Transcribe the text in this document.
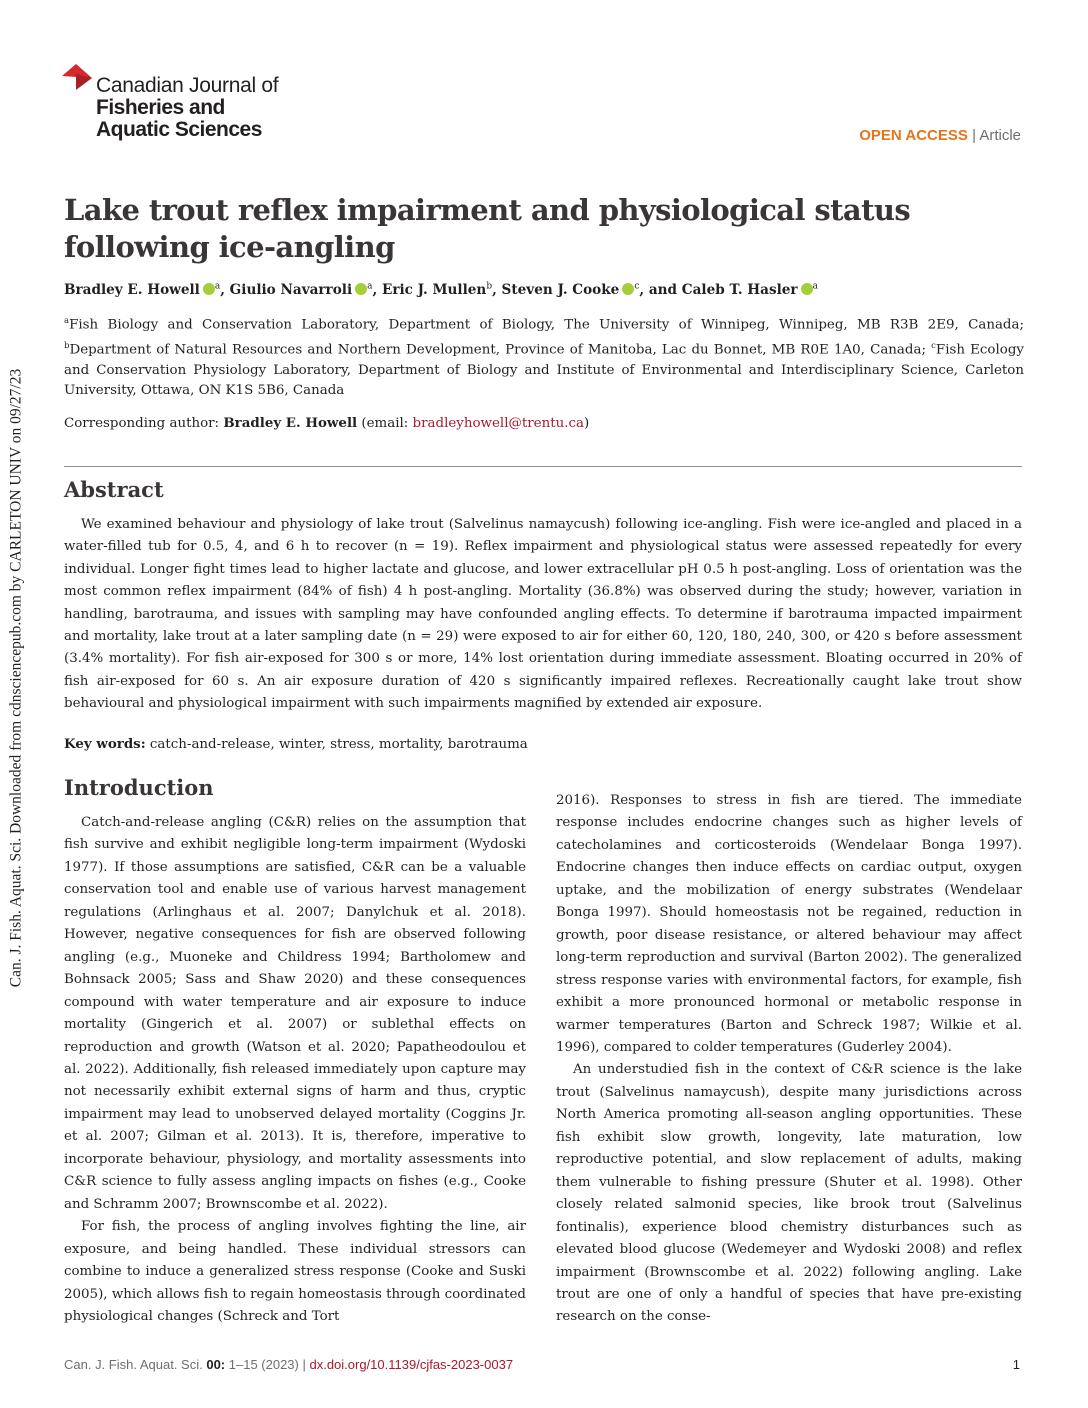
Can. J. Fish. Aquat. Sci. Downloaded from cdnsciencepub.com by CARLETON UNIV on 09/27/23
Canadian Journal of
Fisheries and
Aquatic Sciences	OPEN ACCESS | Article
Lake trout reflex impairment and physiological status following ice-angling
Bradley E. Howell $^a$, Giulio Navarroli $^a$, Eric J. Mullen$^b$, Steven J. Cooke $^c$, and Caleb T. Hasler $^a$
$^a$Fish Biology and Conservation Laboratory, Department of Biology, The University of Winnipeg, Winnipeg, MB R3B 2E9, Canada; $^b$Department of Natural Resources and Northern Development, Province of Manitoba, Lac du Bonnet, MB R0E 1A0, Canada; $^c$Fish Ecology and Conservation Physiology Laboratory, Department of Biology and Institute of Environmental and Interdisciplinary Science, Carleton University, Ottawa, ON K1S 5B6, Canada
Corresponding author: Bradley E. Howell (email: bradleyhowell@trentu.ca)
Abstract

We examined behaviour and physiology of lake trout (Salvelinus namaycush) following ice-angling. Fish were ice-angled and placed in a water-filled tub for 0.5, 4, and 6 h to recover (n = 19). Reflex impairment and physiological status were assessed repeatedly for every individual. Longer fight times lead to higher lactate and glucose, and lower extracellular pH 0.5 h post-angling. Loss of orientation was the most common reflex impairment (84% of fish) 4 h post-angling. Mortality (36.8%) was observed during the study; however, variation in handling, barotrauma, and issues with sampling may have confounded angling effects. To determine if barotrauma impacted impairment and mortality, lake trout at a later sampling date (n = 29) were exposed to air for either 60, 120, 180, 240, 300, or 420 s before assessment (3.4% mortality). For fish air-exposed for 300 s or more, 14% lost orientation during immediate assessment. Bloating occurred in 20% of fish air-exposed for 60 s. An air exposure duration of 420 s significantly impaired reflexes. Recreationally caught lake trout show behavioural and physiological impairment with such impairments magnified by extended air exposure.

Key words: catch-and-release, winter, stress, mortality, barotrauma
Introduction

Catch-and-release angling (C&R) relies on the assumption that fish survive and exhibit negligible long-term impairment (Wydoski 1977). If those assumptions are satisfied, C&R can be a valuable conservation tool and enable use of various harvest management regulations (Arlinghaus et al. 2007; Danylchuk et al. 2018). However, negative consequences for fish are observed following angling (e.g., Muoneke and Childress 1994; Bartholomew and Bohnsack 2005; Sass and Shaw 2020) and these consequences compound with water temperature and air exposure to induce mortality (Gingerich et al. 2007) or sublethal effects on reproduction and growth (Watson et al. 2020; Papatheodoulou et al. 2022). Additionally, fish released immediately upon capture may not necessarily exhibit external signs of harm and thus, cryptic impairment may lead to unobserved delayed mortality (Coggins Jr. et al. 2007; Gilman et al. 2013). It is, therefore, imperative to incorporate behaviour, physiology, and mortality assessments into C&R science to fully assess angling impacts on fishes (e.g., Cooke and Schramm 2007; Brownscombe et al. 2022).

For fish, the process of angling involves fighting the line, air exposure, and being handled. These individual stressors can combine to induce a generalized stress response (Cooke and Suski 2005), which allows fish to regain homeostasis through coordinated physiological changes (Schreck and Tort

2016). Responses to stress in fish are tiered. The immediate response includes endocrine changes such as higher levels of catecholamines and corticosteroids (Wendelaar Bonga 1997). Endocrine changes then induce effects on cardiac output, oxygen uptake, and the mobilization of energy substrates (Wendelaar Bonga 1997). Should homeostasis not be regained, reduction in growth, poor disease resistance, or altered behaviour may affect long-term reproduction and survival (Barton 2002). The generalized stress response varies with environmental factors, for example, fish exhibit a more pronounced hormonal or metabolic response in warmer temperatures (Barton and Schreck 1987; Wilkie et al. 1996), compared to colder temperatures (Guderley 2004).

An understudied fish in the context of C&R science is the lake trout (Salvelinus namaycush), despite many jurisdictions across North America promoting all-season angling opportunities. These fish exhibit slow growth, longevity, late maturation, low reproductive potential, and slow replacement of adults, making them vulnerable to fishing pressure (Shuter et al. 1998). Other closely related salmonid species, like brook trout (Salvelinus fontinalis), experience blood chemistry disturbances such as elevated blood glucose (Wedemeyer and Wydoski 2008) and reflex impairment (Brownscombe et al. 2022) following angling. Lake trout are one of only a handful of species that have pre-existing research on the conse-

Can. J. Fish. Aquat. Sci. 00: 1–15 (2023) | dx.doi.org/10.1139/cjfas-2023-0037	1
